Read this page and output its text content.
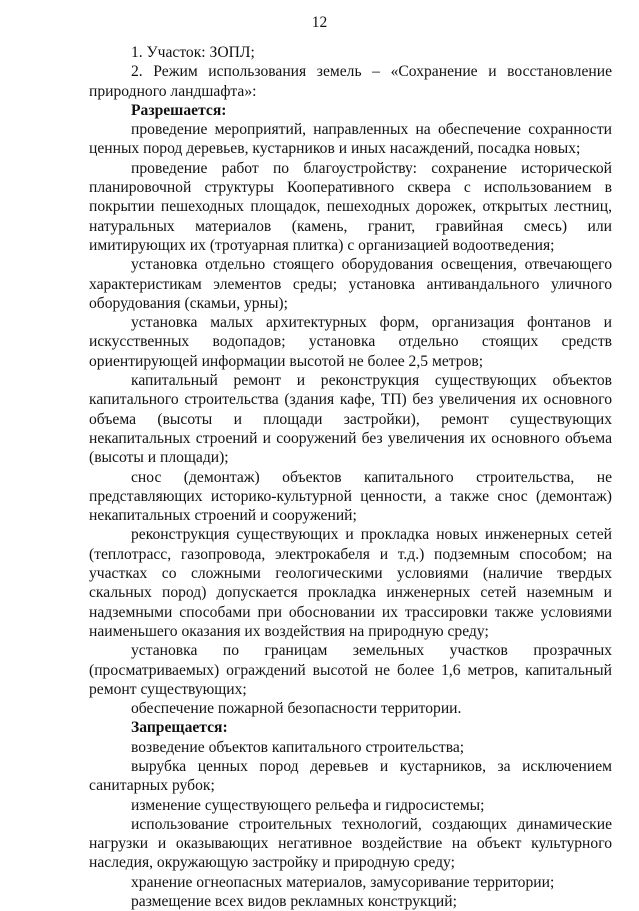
12

1. Участок: ЗОПЛ;

2. Режим использования земель – «Сохранение и восстановление природного ландшафта»:

Разрешается:

проведение мероприятий, направленных на обеспечение сохранности ценных пород деревьев, кустарников и иных насаждений, посадка новых;

проведение работ по благоустройству: сохранение исторической планировочной структуры Кооперативного сквера с использованием в покрытии пешеходных площадок, пешеходных дорожек, открытых лестниц, натуральных материалов (камень, гранит, гравийная смесь) или имитирующих их (тротуарная плитка) с организацией водоотведения;

установка отдельно стоящего оборудования освещения, отвечающего характеристикам элементов среды; установка антивандального уличного оборудования (скамьи, урны);

установка малых архитектурных форм, организация фонтанов и искусственных водопадов; установка отдельно стоящих средств ориентирующей информации высотой не более 2,5 метров;

капитальный ремонт и реконструкция существующих объектов капитального строительства (здания кафе, ТП) без увеличения их основного объема (высоты и площади застройки), ремонт существующих некапитальных строений и сооружений без увеличения их основного объема (высоты и площади);

снос (демонтаж) объектов капитального строительства, не представляющих историко-культурной ценности, а также снос (демонтаж) некапитальных строений и сооружений;

реконструкция существующих и прокладка новых инженерных сетей (теплотрасс, газопровода, электрокабеля и т.д.) подземным способом; на участках со сложными геологическими условиями (наличие твердых скальных пород) допускается прокладка инженерных сетей наземным и надземными способами при обосновании их трассировки также условиями наименьшего оказания их воздействия на природную среду;

установка по границам земельных участков прозрачных (просматриваемых) ограждений высотой не более 1,6 метров, капитальный ремонт существующих;

обеспечение пожарной безопасности территории.

Запрещается:

возведение объектов капитального строительства;

вырубка ценных пород деревьев и кустарников, за исключением санитарных рубок;

изменение существующего рельефа и гидросистемы;

использование строительных технологий, создающих динамические нагрузки и оказывающих негативное воздействие на объект культурного наследия, окружающую застройку и природную среду;

хранение огнеопасных материалов, замусоривание территории;

размещение всех видов рекламных конструкций;
